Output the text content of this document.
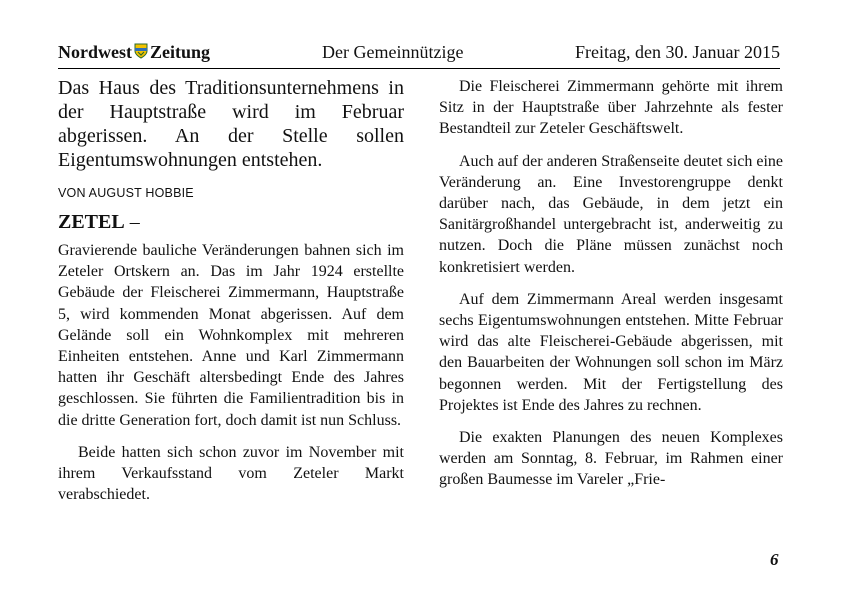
Nordwest Zeitung	Der Gemeinnützige	Freitag, den 30. Januar 2015

Das Haus des Traditionsunternehmens in der Hauptstraße wird im Februar abgerissen. An der Stelle sollen Eigentumswohnungen entstehen.

VON AUGUST HOBBIE

ZETEL –

Gravierende bauliche Veränderungen bahnen sich im Zeteler Ortskern an. Das im Jahr 1924 erstellte Gebäude der Fleischerei Zimmermann, Hauptstraße 5, wird kommenden Monat abgerissen. Auf dem Gelände soll ein Wohnkomplex mit mehreren Einheiten entstehen. Anne und Karl Zimmermann hatten ihr Geschäft altersbedingt Ende des Jahres geschlossen. Sie führten die Familientradition bis in die dritte Generation fort, doch damit ist nun Schluss.

Beide hatten sich schon zuvor im November mit ihrem Verkaufsstand vom Zeteler Markt verabschiedet.

Die Fleischerei Zimmermann gehörte mit ihrem Sitz in der Hauptstraße über Jahrzehnte als fester Bestandteil zur Zeteler Geschäftswelt.

Auch auf der anderen Straßenseite deutet sich eine Veränderung an. Eine Investorengruppe denkt darüber nach, das Gebäude, in dem jetzt ein Sanitärgroßhandel untergebracht ist, anderweitig zu nutzen. Doch die Pläne müssen zunächst noch konkretisiert werden.

Auf dem Zimmermann Areal werden insgesamt sechs Eigentumswohnungen entstehen. Mitte Februar wird das alte Fleischerei-Gebäude abgerissen, mit den Bauarbeiten der Wohnungen soll schon im März begonnen werden. Mit der Fertigstellung des Projektes ist Ende des Jahres zu rechnen.

Die exakten Planungen des neuen Komplexes werden am Sonntag, 8. Februar, im Rahmen einer großen Baumesse im Vareler „Frie-

6
